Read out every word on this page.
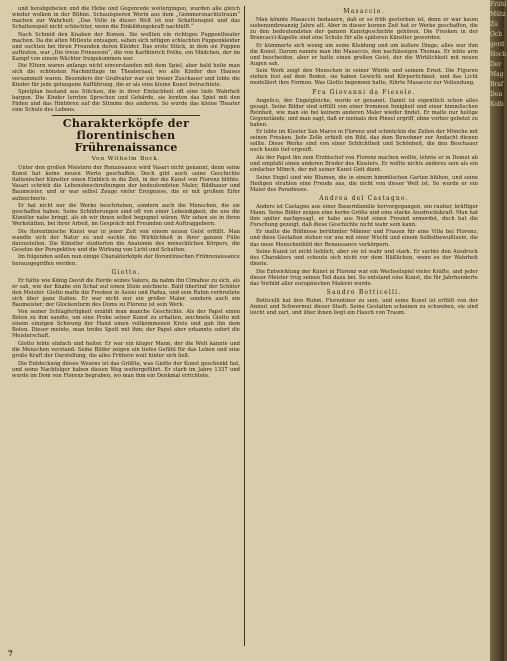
und herabgebeten und die Hebe und Gegenrede weitergingen, wurden alle gleich wieder wolken in der Bühne. Schaulspieren Worin aus dem „Gemmersnachtstraum“ machen zur Wahrheit: „Das Volle in dieser Welt ist nur Schattenspiel und das Schattenspiel nicht schlechter, wenn die Einbildungskraft nachhilft.“

Nach Schmid den Knaben der Komen. Sie wollten ein richtiges Puppentheater machen. Da die alten Mitleute entsagen, sahen sich nötigen schlechten Puppenkleider und suchten bei ihren Freunden deren Kleider. Das erste Stück, in dem sie Puppen auftraten, war „Die treue Prinzessin“, die von Karlhinrich Pothe, ein Mädchen, der im Kampf von einem Wächter freigekommen war.

Die Eltern waren anfangs nicht einverstanden mit dem Spiel, aber bald holte man sich die schönsten Nachmittage im Theatersaal, wo alle Kinder des Hauses versammelt waren. Besonders der Großvater war ein treuer Zuschauer und lobte die Kinder für jede gelungene Aufführung, die er als eine kleine Kunst betrachtete.

Spielplan bestand aus Stücken, die in ihrer Einfachheit oft eine tiefe Wahrheit bargen. Die Kinder lernten Sprechen und Gebärde, sie lernten das Spiel mit den Fäden und das Hinhören auf die Stimme des anderen. So wurde das kleine Theater eine Schule des Lebens.

Charakterköpfe der florentinischen
Frührenaissance
Von Wilhelm Bock.

Unter den großen Meistern der Renaissance wird Vasari nicht genannt, denn seine Kunst hat keine neuen Werte geschaffen. Doch gibt auch seine Geschichte italienischer Künstler einen Einblick in die Zeit, in der die Kunst von Florenz blühte. Vasari schrieb die Lebensbeschreibungen der bedeutendsten Maler, Bildhauer und Baumeister, und er war selbst Zeuge vieler Ereignisse, die er mit großem Eifer aufzeichnete.

Er hat nicht nur die Werke beschrieben, sondern auch die Menschen, die sie geschaffen haben. Seine Schilderungen sind oft von einer Lebendigkeit, die uns die Künstler nahe bringt, als ob wir ihnen selbst begegnet wären. Wir sehen sie in ihren Werkstätten, bei ihrer Arbeit, im Gespräch mit Freunden und Auftraggebern.

Die florentinische Kunst war in jener Zeit von einem neuen Geist erfüllt. Man wandte sich der Natur zu und suchte die Wirklichkeit in ihrer ganzen Fülle darzustellen. Die Künstler studierten die Anatomie des menschlichen Körpers, die Gesetze der Perspektive und die Wirkung von Licht und Schatten.

Im folgenden sollen nun einige Charakterköpfe der florentinischen Frührenaissance herausgegriffen werden.

Giotto.

Er hätte wie König David die Herde seines Vaters, da nahm ihn Cimabue zu sich, als er sah, wie der Knabe ein Schaf auf einen Stein zeichnete. Bald übertraf der Schüler den Meister. Giotto malte die Fresken in Assisi und Padua, und sein Ruhm verbreitete sich über ganz Italien. Er war nicht nur ein großer Maler, sondern auch ein Baumeister; der Glockenturm des Doms zu Florenz ist sein Werk.

Von seiner Schlagfertigkeit erzählt man manche Geschichte. Als der Papst einen Boten zu ihm sandte, um eine Probe seiner Kunst zu erhalten, zeichnete Giotto mit einem einzigen Schwung der Hand einen vollkommenen Kreis und gab ihn dem Boten. Dieser meinte, man treibe Spott mit ihm; der Papst aber erkannte sofort die Meisterschaft.

Giotto lebte einfach und heiter. Er war ein kluger Mann, der die Welt kannte und die Menschen verstand. Seine Bilder zeigen ein tiefes Gefühl für das Leben und eine große Kraft der Darstellung, die alles Frühere weit hinter sich ließ.

Die Entdeckung dieses Wesens ist das Größte, was Giotto der Kunst geschenkt hat, und seine Nachfolger haben diesen Weg weitergeführt. Er starb im Jahre 1337 und wurde im Dom von Florenz begraben, wo man ihm ein Denkmal errichtete.

Masaccio.

Man könnte Masaccio bedauern, daß er so früh gestorben ist, denn er war kaum siebenundzwanzig Jahre alt. Aber in dieser kurzen Zeit hat er Werke geschaffen, die zu den bedeutendsten der ganzen Kunstgeschichte gehören. Die Fresken in der Brancacci-Kapelle sind eine Schule für alle späteren Künstler geworden.

Er kümmerte sich wenig um seine Kleidung und um äußere Dinge; alles war ihm die Kunst. Darum nannte man ihn Masaccio, den nachlässigen Thomas. Er lebte arm und bescheiden, aber er hatte einen großen Geist, der die Wirklichkeit mit neuen Augen sah.

Sein Werk zeigt den Menschen in seiner Würde und seinem Ernst. Die Figuren stehen fest auf dem Boden, sie haben Gewicht und Körperlichkeit, und das Licht modelliert ihre Formen. Was Giotto begonnen hatte, führte Masaccio zur Vollendung.

Fra Giovanni da Fiesole.

Angelico, der Engelgleiche, wurde er genannt. Damit ist eigentlich schon alles gesagt. Seine Bilder sind erfüllt von einer frommen Innigkeit und einer himmlischen Reinheit, wie man sie bei keinem anderen Maler wieder findet. Er malte nur heilige Gegenstände, und man sagt, daß er niemals den Pinsel ergriff, ohne vorher gebetet zu haben.

Er lebte im Kloster San Marco in Florenz und schmückte die Zellen der Mönche mit seinen Fresken. Jede Zelle erhielt ein Bild, das dem Bewohner zur Andacht dienen sollte. Diese Werke sind von einer Schlichtheit und Schönheit, die den Beschauer noch heute tief ergreift.

Als der Papst ihn zum Erzbischof von Florenz machen wollte, lehnte er in Demut ab und empfahl einen anderen Bruder des Klosters. Er wollte nichts anderes sein als ein einfacher Mönch, der mit seiner Kunst Gott dient.

Seine Engel sind wie Blumen, die in einem himmlischen Garten blühen, und seine Heiligen strahlen eine Freude aus, die nicht von dieser Welt ist. So wurde er ein Maler des Paradieses.

Andrea del Castagno.

Anders ist Castagno aus einer Bauernfamilie hervorgegangen, ein rauher, kräftiger Mann. Seine Bilder zeigen eine herbe Größe und eine starke Ausdruckskraft. Man hat ihm später nachgesagt, er habe aus Neid einen Freund ermordet, doch hat die Forschung gezeigt, daß diese Geschichte nicht wahr sein kann.

Er malte die Bildnisse berühmter Männer und Frauen für eine Villa bei Florenz, und diese Gestalten stehen vor uns mit einer Wucht und einem Selbstbewußtsein, die das neue Menschenbild der Renaissance verkörpern.

Seine Kunst ist nicht lieblich, aber sie ist wahr und stark. Er suchte den Ausdruck des Charakters und scheute sich nicht vor dem Häßlichen, wenn es der Wahrheit diente.

Die Entwicklung der Kunst in Florenz war ein Wechselspiel vieler Kräfte, und jeder dieser Meister trug seinen Teil dazu bei. So entstand eine Kunst, die für Jahrhunderte das Vorbild aller europäischen Malerei wurde.

Sandro Botticelli.

Botticelli hat den Ruhm, Florentiner zu sein, und seine Kunst ist erfüllt von der Anmut und Schwermut dieser Stadt. Seine Gestalten scheinen zu schweben, sie sind leicht und zart, und über ihnen liegt ein Hauch von Traum.

7
Frühl
Mütz
Zu
Och
gerd
Hoch
Der
Mag
Braf
Den
Kolb
